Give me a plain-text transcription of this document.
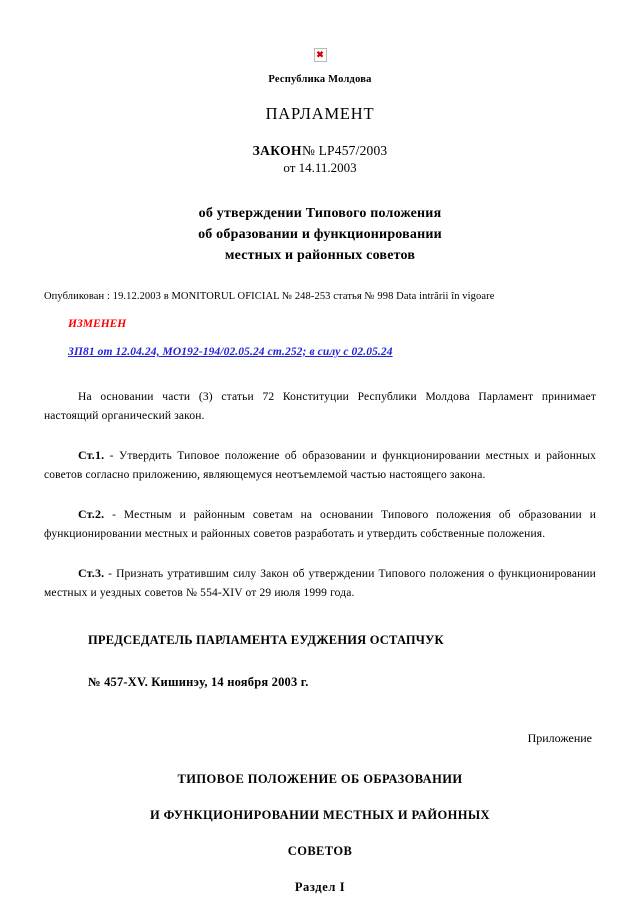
✖
Республика Молдова
ПАРЛАМЕНТ
ЗАКОН№ LP457/2003
от 14.11.2003
об утверждении Типового положения
об образовании и функционировании
местных и районных советов
Опубликован : 19.12.2003 в MONITORUL OFICIAL № 248-253 статья № 998 Data intrării în vigoare
ИЗМЕНЕН
ЗП81 от 12.04.24, МО192-194/02.05.24 ст.252; в силу с 02.05.24

На основании части (3) статьи 72 Конституции Республики Молдова Парламент принимает настоящий органический закон.

Ст.1. - Утвердить Типовое положение об образовании и функционировании местных и районных советов согласно приложению, являющемуся неотъемлемой частью настоящего закона.

Ст.2. - Местным и районным советам на основании Типового положения об образовании и функционировании местных и районных советов разработать и утвердить собственные положения.

Ст.3. - Признать утратившим силу Закон об утверждении Типового положения о функционировании местных и уездных советов № 554-XIV от 29 июля 1999 года.

ПРЕДСЕДАТЕЛЬ ПАРЛАМЕНТА ЕУДЖЕНИЯ ОСТАПЧУК
№ 457-XV. Кишинэу, 14 ноября 2003 г.
Приложение
ТИПОВОЕ ПОЛОЖЕНИЕ ОБ ОБРАЗОВАНИИ
И ФУНКЦИОНИРОВАНИИ МЕСТНЫХ И РАЙОННЫХ
СОВЕТОВ
Раздел I
